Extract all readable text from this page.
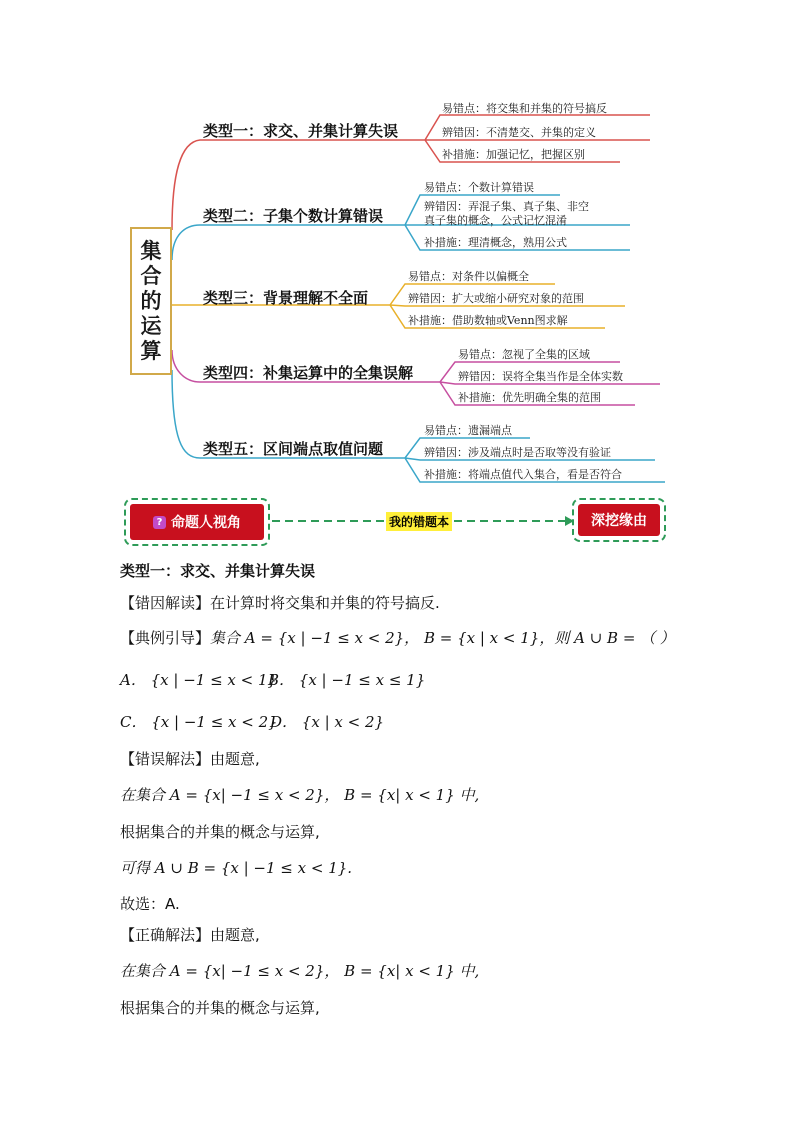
集
合
的
运
算
类型一：求交、并集计算失误
易错点：将交集和并集的符号搞反
辨错因：不清楚交、并集的定义
补措施：加强记忆，把握区别
类型二：子集个数计算错误
易错点：个数计算错误
辨错因：弄混子集、真子集、非空
真子集的概念，公式记忆混淆
补措施：理清概念，熟用公式
类型三：背景理解不全面
易错点：对条件以偏概全
辨错因：扩大或缩小研究对象的范围
补措施：借助数轴或Venn图求解
类型四：补集运算中的全集误解
易错点：忽视了全集的区域
辨错因：误将全集当作是全体实数
补措施：优先明确全集的范围
类型五：区间端点取值问题
易错点：遗漏端点
辨错因：涉及端点时是否取等没有验证
补措施：将端点值代入集合，看是否符合
? 命题人视角	我的错题本	深挖缘由
类型一：求交、并集计算失误
【错因解读】在计算时将交集和并集的符号搞反.
【典例引导】集合 A = {x | −1 ≤ x < 2}， B = {x | x < 1}，则 A ∪ B = （ ）
A． {x | −1 ≤ x < 1}
B． {x | −1 ≤ x ≤ 1}
C． {x | −1 ≤ x < 2}
D． {x | x < 2}
【错误解法】由题意,
在集合 A = {x| −1 ≤ x < 2}， B = {x| x < 1} 中,
根据集合的并集的概念与运算,
可得 A ∪ B = {x | −1 ≤ x < 1}.
故选：A.
【正确解法】由题意,
在集合 A = {x| −1 ≤ x < 2}， B = {x| x < 1} 中,
根据集合的并集的概念与运算,
